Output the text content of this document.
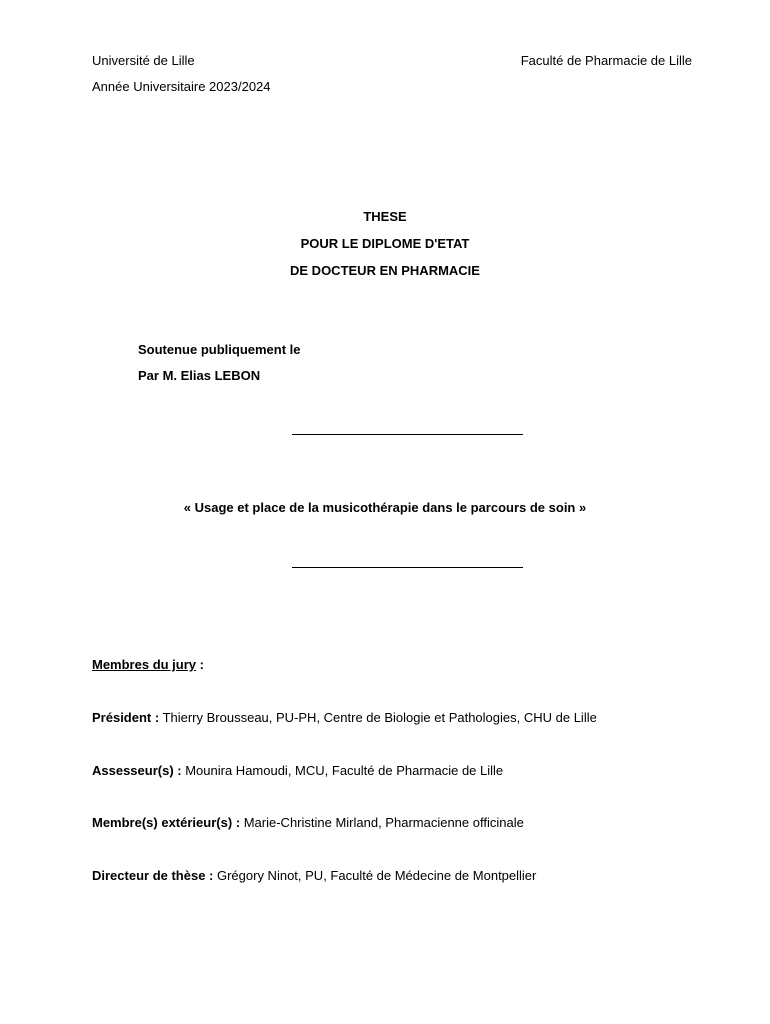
Université de Lille	Faculté de Pharmacie de Lille
Année Universitaire 2023/2024
THESE
POUR LE DIPLOME D'ETAT
DE DOCTEUR EN PHARMACIE
Soutenue publiquement le
Par M. Elias LEBON
« Usage et place de la musicothérapie dans le parcours de soin »
Membres du jury :
Président : Thierry Brousseau, PU-PH, Centre de Biologie et Pathologies, CHU de Lille
Assesseur(s) : Mounira Hamoudi, MCU, Faculté de Pharmacie de Lille
Membre(s) extérieur(s) : Marie-Christine Mirland, Pharmacienne officinale
Directeur de thèse : Grégory Ninot, PU, Faculté de Médecine de Montpellier
